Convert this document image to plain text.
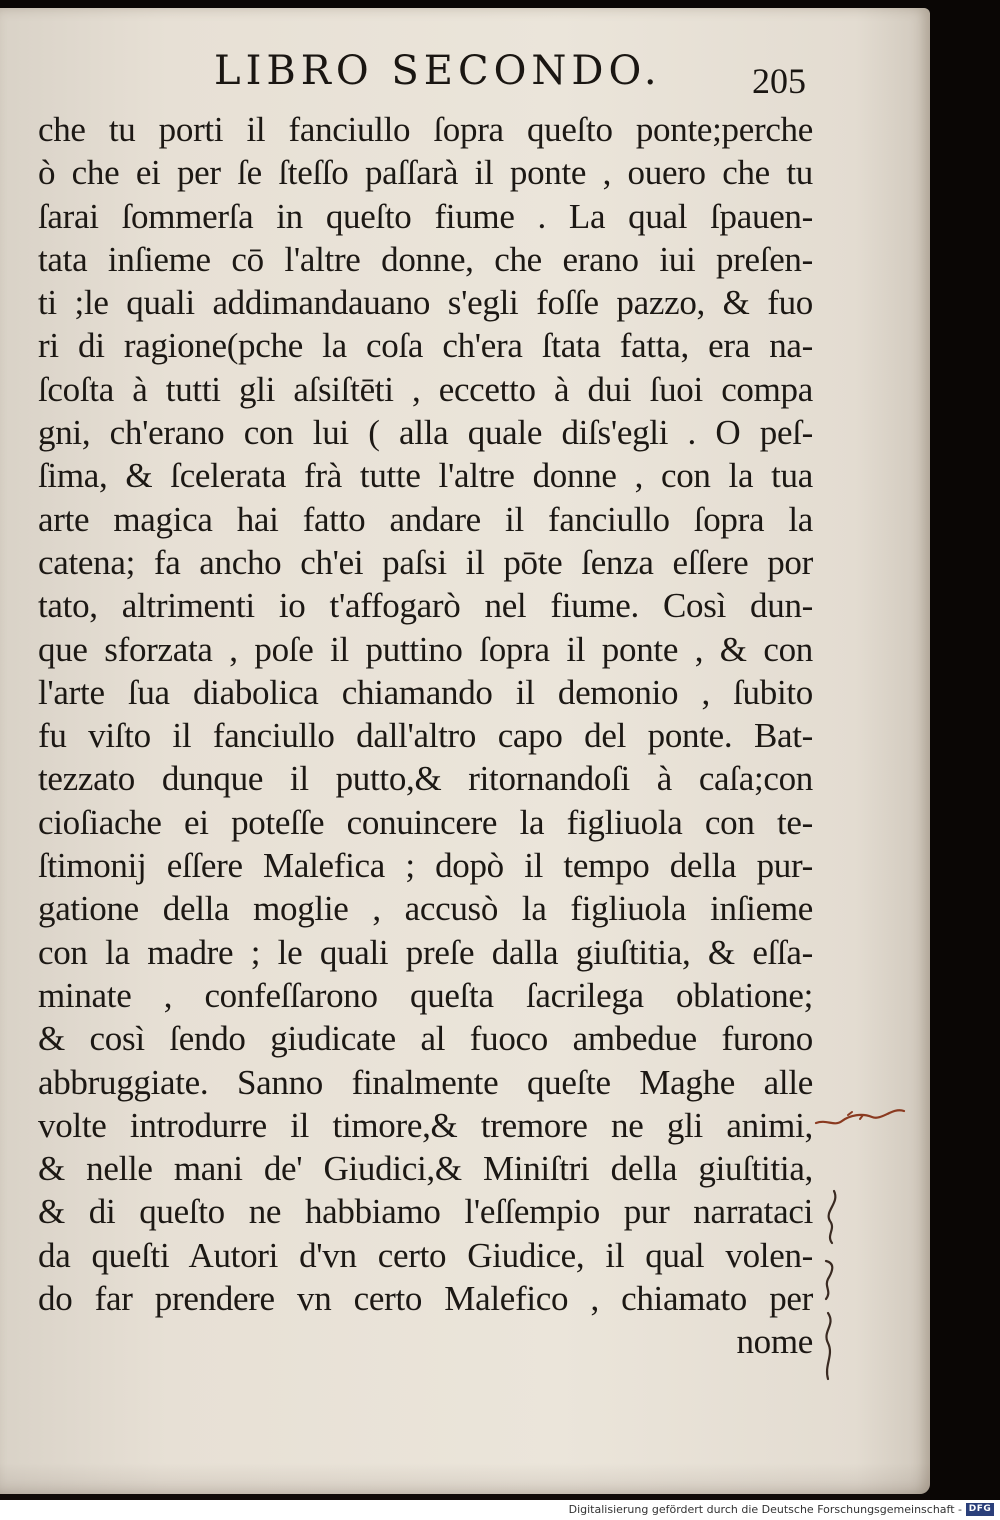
LIBRO SECONDO.	205
che tu porti il fanciullo ſopra queſto ponte;perche
ò che ei per ſe ſteſſo paſſarà il ponte , ouero che tu
ſarai ſommerſa in queſto fiume . La qual ſpauen-
tata inſieme cō l'altre donne, che erano iui preſen-
ti ;le quali addimandauano s'egli foſſe pazzo, & fuo
ri di ragione(pche la coſa ch'era ſtata fatta, era na-
ſcoſta à tutti gli aſsiſtēti , eccetto à dui ſuoi compa
gni, ch'erano con lui ( alla quale diſs'egli . O peſ-
ſima, & ſcelerata frà tutte l'altre donne , con la tua
arte magica hai fatto andare il fanciullo ſopra la
catena; fa ancho ch'ei paſsi il pōte ſenza eſſere por
tato, altrimenti io t'affogarò nel fiume. Così dun-
que sforzata , poſe il puttino ſopra il ponte , & con
l'arte ſua diabolica chiamando il demonio , ſubito
fu viſto il fanciullo dall'altro capo del ponte. Bat-
tezzato dunque il putto,& ritornandoſi à caſa;con
cioſiache ei poteſſe conuincere la figliuola con te-
ſtimonij eſſere Malefica ; dopò il tempo della pur-
gatione della moglie , accusò la figliuola inſieme
con la madre ; le quali preſe dalla giuſtitia, & eſſa-
minate , confeſſarono queſta ſacrilega oblatione;
& così ſendo giudicate al fuoco ambedue furono
abbruggiate. Sanno finalmente queſte Maghe alle
volte introdurre il timore,& tremore ne gli animi,
& nelle mani de' Giudici,& Miniſtri della giuſtitia,
& di queſto ne habbiamo l'eſſempio pur narrataci
da queſti Autori d'vn certo Giudice, il qual volen-
do far prendere vn certo Malefico , chiamato per
nome
Digitalisierung gefördert durch die Deutsche Forschungsgemeinschaft - DFG
